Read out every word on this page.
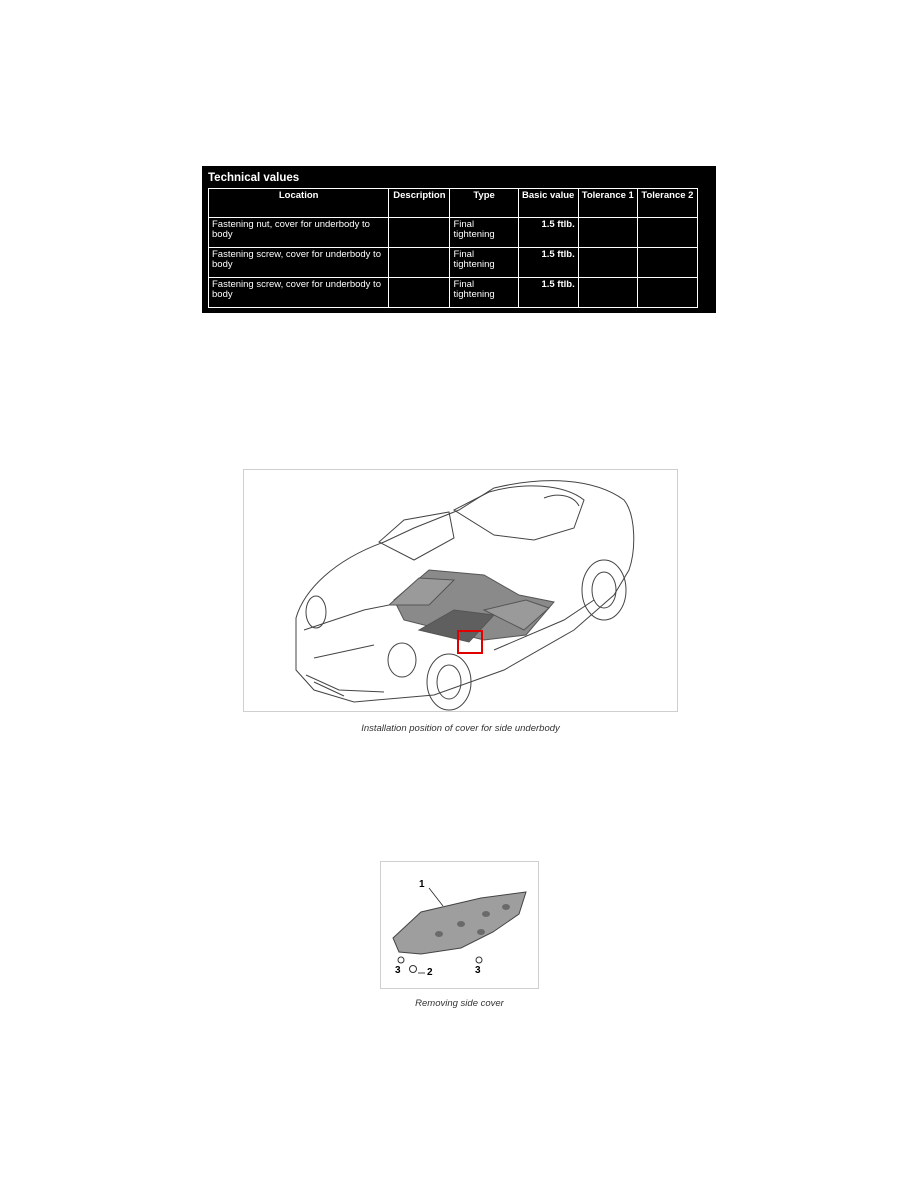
Technical values
Location	Description	Type	Basic value	Tolerance 1	Tolerance 2
Fastening nut, cover for underbody to body		Final tightening	1.5 ftlb.		
Fastening screw, cover for underbody to body		Final tightening	1.5 ftlb.		
Fastening screw, cover for underbody to body		Final tightening	1.5 ftlb.		
Installation position of cover for side underbody
1
2
3	3
Removing side cover
